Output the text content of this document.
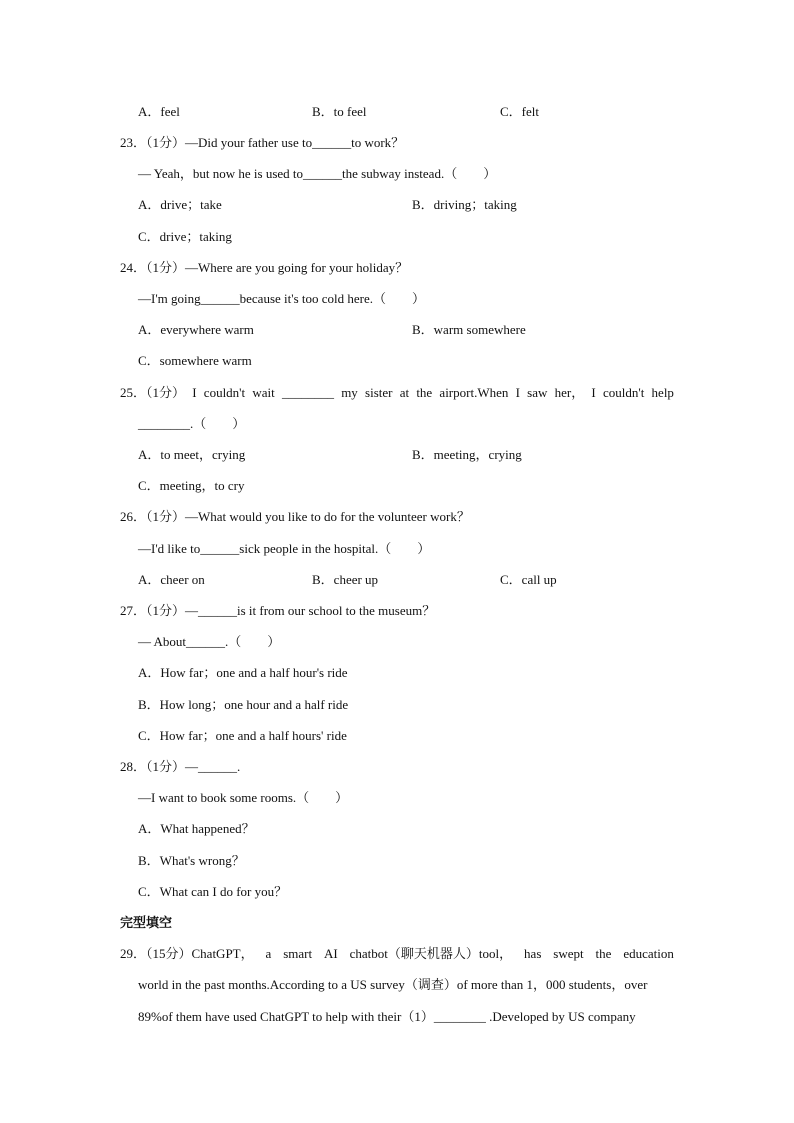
A．feel	B．to feel	C．felt
23．（1分）—Did your father use to______to work？
— Yeah，but now he is used to______the subway instead.（　　）
A．drive；take	B．driving；taking
C．drive；taking
24．（1分）—Where are you going for your holiday？
—I'm going______because it's too cold here.（　　）
A．everywhere warm	B．warm somewhere
C．somewhere warm
25．（1分） I couldn't wait ________ my sister at the airport.When I saw her， I couldn't help
________.（　　）
A．to meet，crying	B．meeting，crying
C．meeting，to cry
26．（1分）—What would you like to do for the volunteer work？
—I'd like to______sick people in the hospital.（　　）
A．cheer on	B．cheer up	C．call up
27．（1分）—______is it from our school to the museum？
— About______.（　　）
A．How far；one and a half hour's ride
B．How long；one hour and a half ride
C．How far；one and a half hours' ride
28．（1分）—______.
—I want to book some rooms.（　　）
A．What happened？
B．What's wrong？
C．What can I do for you？
完型填空
29．（15分）ChatGPT， a smart AI chatbot（聊天机器人）tool， has swept the education
world in the past months.According to a US survey（调查）of more than 1，000 students，over
89%of them have used ChatGPT to help with their（1）________ .Developed by US company
